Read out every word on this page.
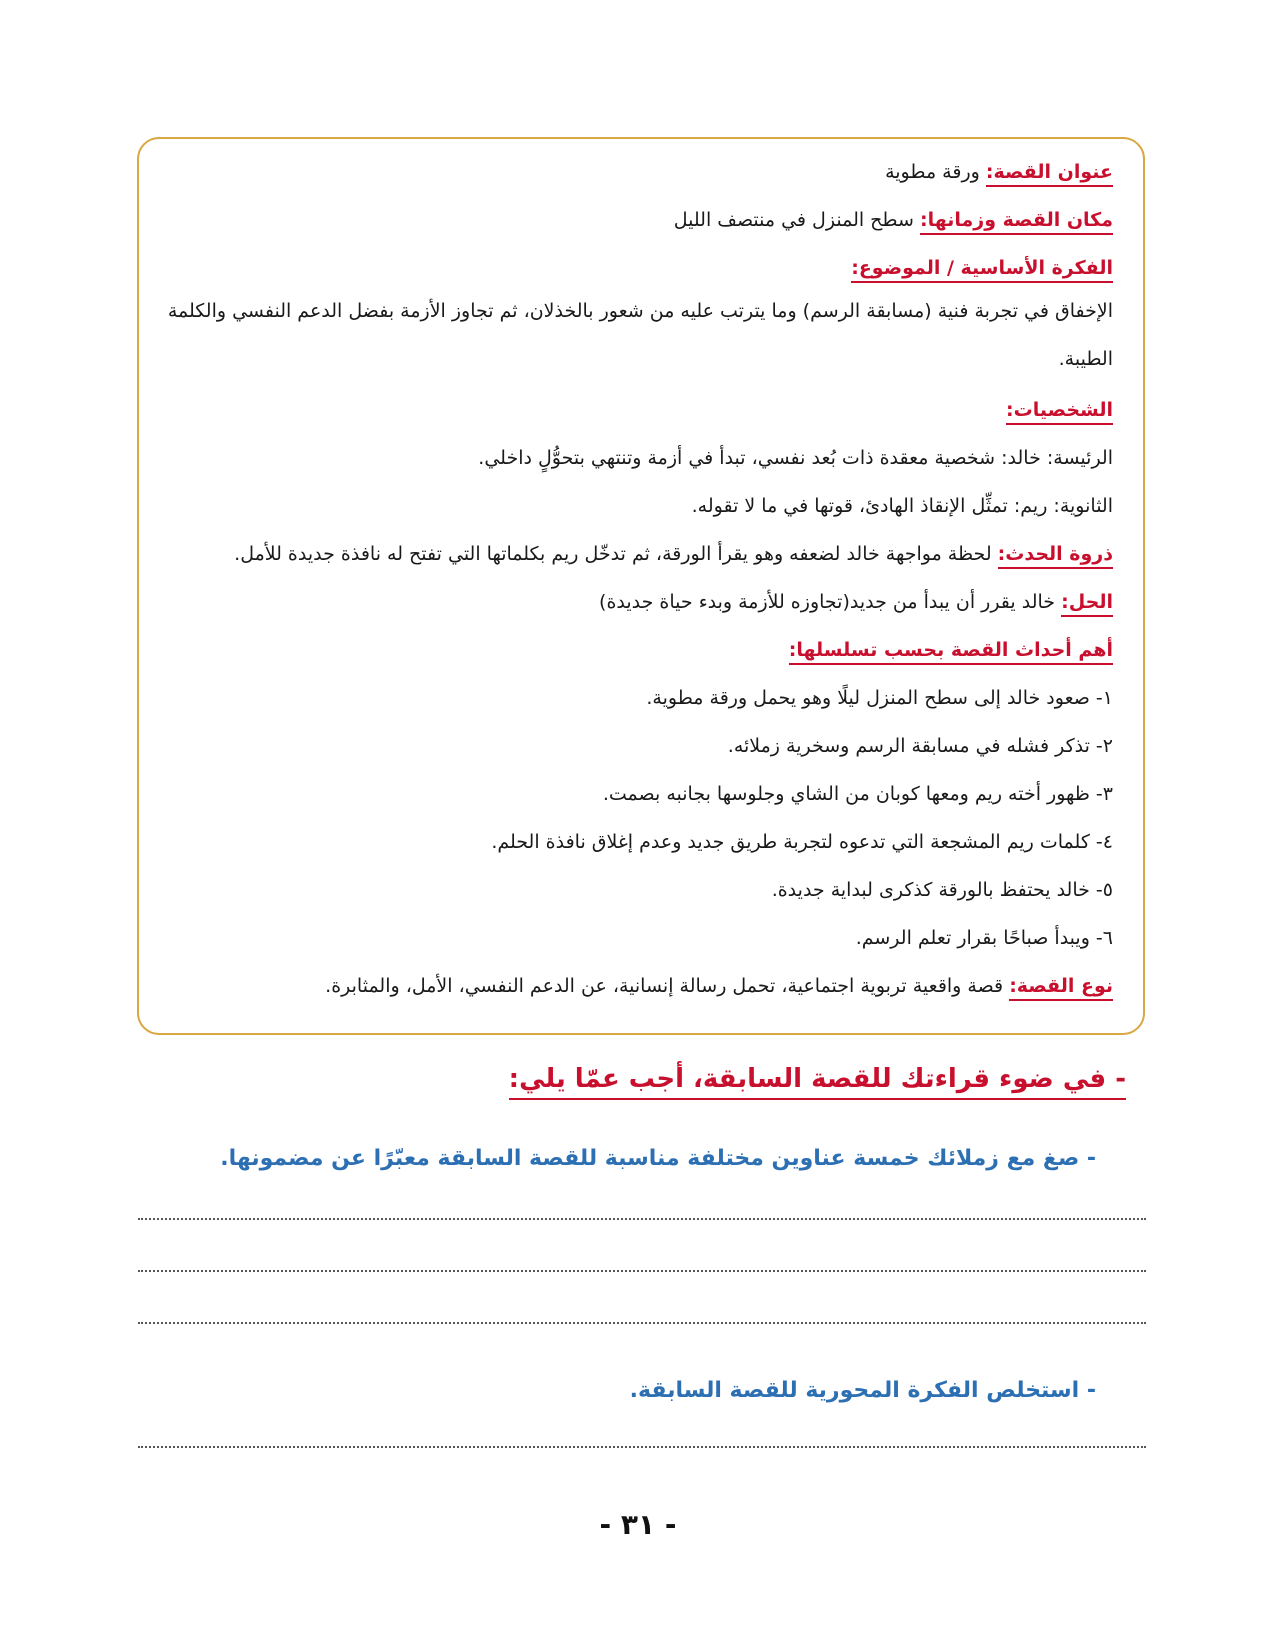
عنوان القصة: ورقة مطوية
مكان القصة وزمانها: سطح المنزل في منتصف الليل
الفكرة الأساسية / الموضوع:
الإخفاق في تجربة فنية (مسابقة الرسم) وما يترتب عليه من شعور بالخذلان، ثم تجاوز الأزمة بفضل الدعم النفسي والكلمة الطيبة.
الشخصيات:
الرئيسة: خالد: شخصية معقدة ذات بُعد نفسي، تبدأ في أزمة وتنتهي بتحوُّلٍ داخلي.
الثانوية: ريم: تمثِّل الإنقاذ الهادئ، قوتها في ما لا تقوله.
ذروة الحدث: لحظة مواجهة خالد لضعفه وهو يقرأ الورقة، ثم تدخّل ريم بكلماتها التي تفتح له نافذة جديدة للأمل.
الحل: خالد يقرر أن يبدأ من جديد(تجاوزه للأزمة وبدء حياة جديدة)
أهم أحداث القصة بحسب تسلسلها:
١- صعود خالد إلى سطح المنزل ليلًا وهو يحمل ورقة مطوية.
٢- تذكر فشله في مسابقة الرسم وسخرية زملائه.
٣- ظهور أخته ريم ومعها كوبان من الشاي وجلوسها بجانبه بصمت.
٤- كلمات ريم المشجعة التي تدعوه لتجربة طريق جديد وعدم إغلاق نافذة الحلم.
٥- خالد يحتفظ بالورقة كذكرى لبداية جديدة.
٦- ويبدأ صباحًا بقرار تعلم الرسم.
نوع القصة: قصة واقعية تربوية اجتماعية، تحمل رسالة إنسانية، عن الدعم النفسي، الأمل، والمثابرة.
- في ضوء قراءتك للقصة السابقة، أجب عمّا يلي:
- صغ مع زملائك خمسة عناوين مختلفة مناسبة للقصة السابقة معبّرًا عن مضمونها.
- استخلص الفكرة المحورية للقصة السابقة.
- ٣١ -
